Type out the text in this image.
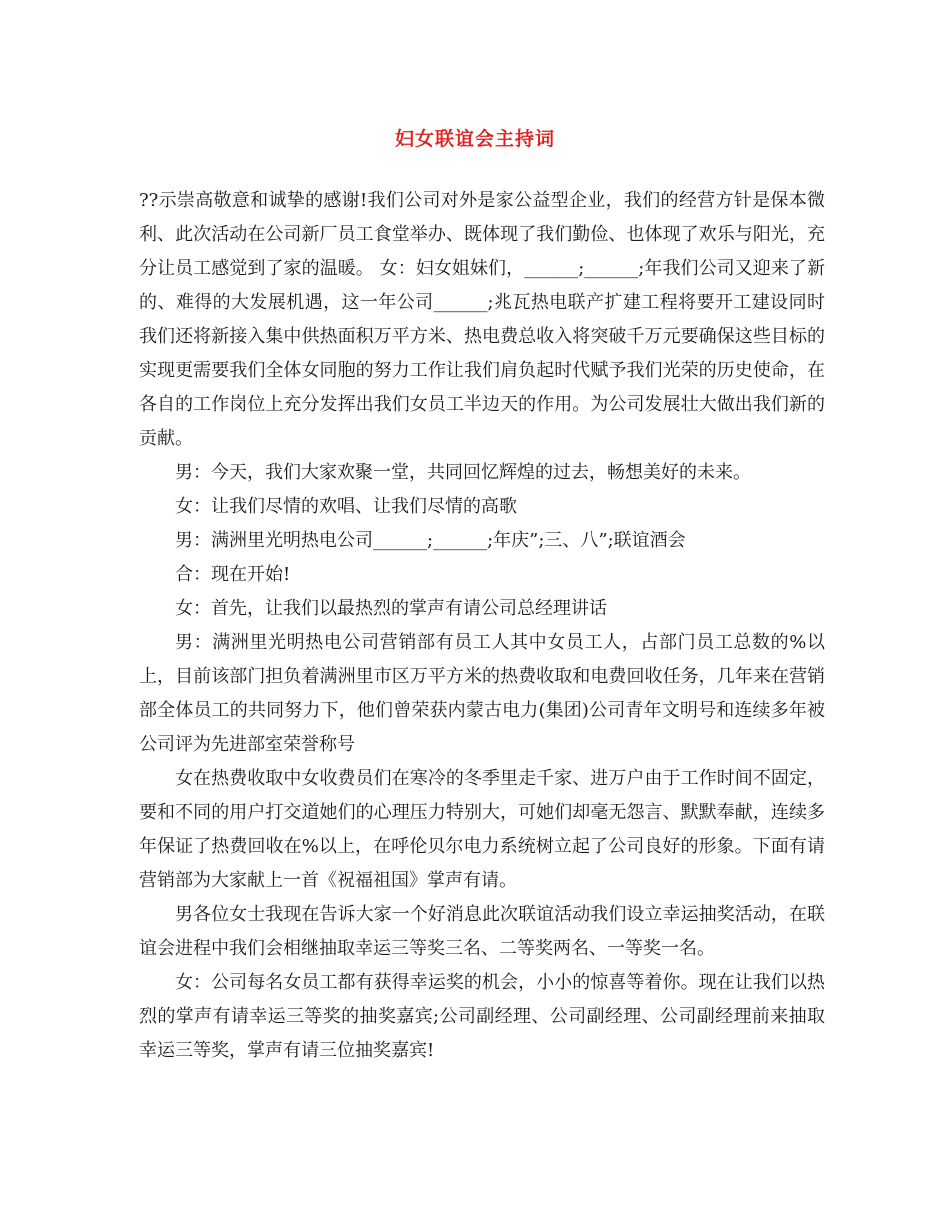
妇女联谊会主持词

??示崇高敬意和诚挚的感谢!我们公司对外是家公益型企业，我们的经营方针是保本微利、此次活动在公司新厂员工食堂举办、既体现了我们勤俭、也体现了欢乐与阳光，充分让员工感觉到了家的温暖。 女：妇女姐妹们，______;______;年我们公司又迎来了新的、难得的大发展机遇，这一年公司______;兆瓦热电联产扩建工程将要开工建设同时我们还将新接入集中供热面积万平方米、热电费总收入将突破千万元要确保这些目标的实现更需要我们全体女同胞的努力工作让我们肩负起时代赋予我们光荣的历史使命，在各自的工作岗位上充分发挥出我们女员工半边天的作用。为公司发展壮大做出我们新的贡献。

男：今天，我们大家欢聚一堂，共同回忆辉煌的过去，畅想美好的未来。

女：让我们尽情的欢唱、让我们尽情的高歌

男：满洲里光明热电公司______;______;年庆”;三、八”;联谊酒会

合：现在开始!

女：首先，让我们以最热烈的掌声有请公司总经理讲话

男：满洲里光明热电公司营销部有员工人其中女员工人，占部门员工总数的%以上，目前该部门担负着满洲里市区万平方米的热费收取和电费回收任务，几年来在营销部全体员工的共同努力下，他们曾荣获内蒙古电力(集团)公司青年文明号和连续多年被公司评为先进部室荣誉称号

女在热费收取中女收费员们在寒冷的冬季里走千家、进万户由于工作时间不固定，要和不同的用户打交道她们的心理压力特别大，可她们却毫无怨言、默默奉献，连续多年保证了热费回收在%以上，在呼伦贝尔电力系统树立起了公司良好的形象。下面有请营销部为大家献上一首《祝福祖国》掌声有请。

男各位女士我现在告诉大家一个好消息此次联谊活动我们设立幸运抽奖活动，在联谊会进程中我们会相继抽取幸运三等奖三名、二等奖两名、一等奖一名。

女：公司每名女员工都有获得幸运奖的机会，小小的惊喜等着你。现在让我们以热烈的掌声有请幸运三等奖的抽奖嘉宾;公司副经理、公司副经理、公司副经理前来抽取幸运三等奖，掌声有请三位抽奖嘉宾!
